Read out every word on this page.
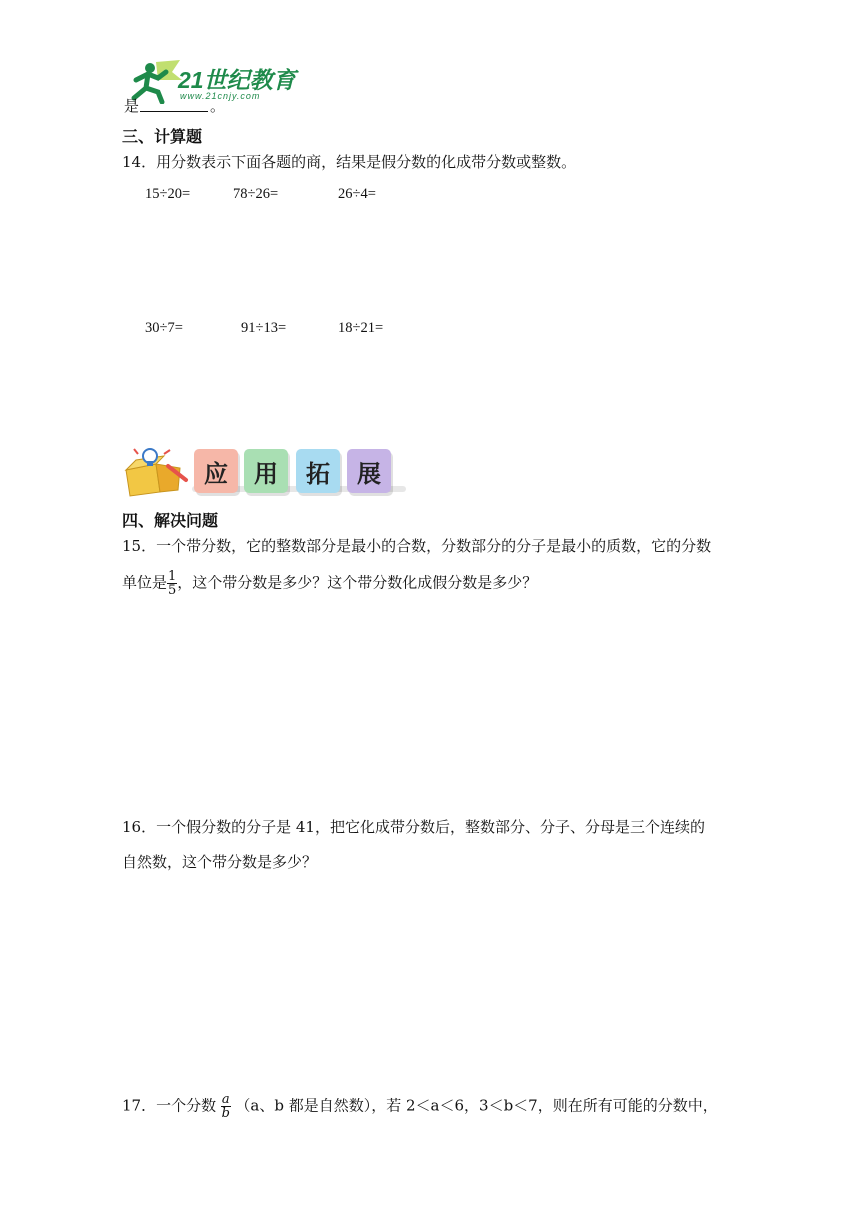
21世纪教育
www.21cnjy.com
是	。
三、计算题
14．用分数表示下面各题的商，结果是假分数的化成带分数或整数。
15÷20=	78÷26=	26÷4=
30÷7=	91÷13=	18÷21=
应 用 拓 展
四、解决问题
15．一个带分数，它的整数部分是最小的合数，分数部分的分子是最小的质数，它的分数
单位是 $\frac{1}{5}$ ，这个带分数是多少？这个带分数化成假分数是多少？
16．一个假分数的分子是 41，把它化成带分数后，整数部分、分子、分母是三个连续的
自然数，这个带分数是多少？
17．一个分数 $\frac{a}{b} (a$、b 都是自然数），若 2＜a＜6，3＜b＜7，则在所有可能的分数中，
